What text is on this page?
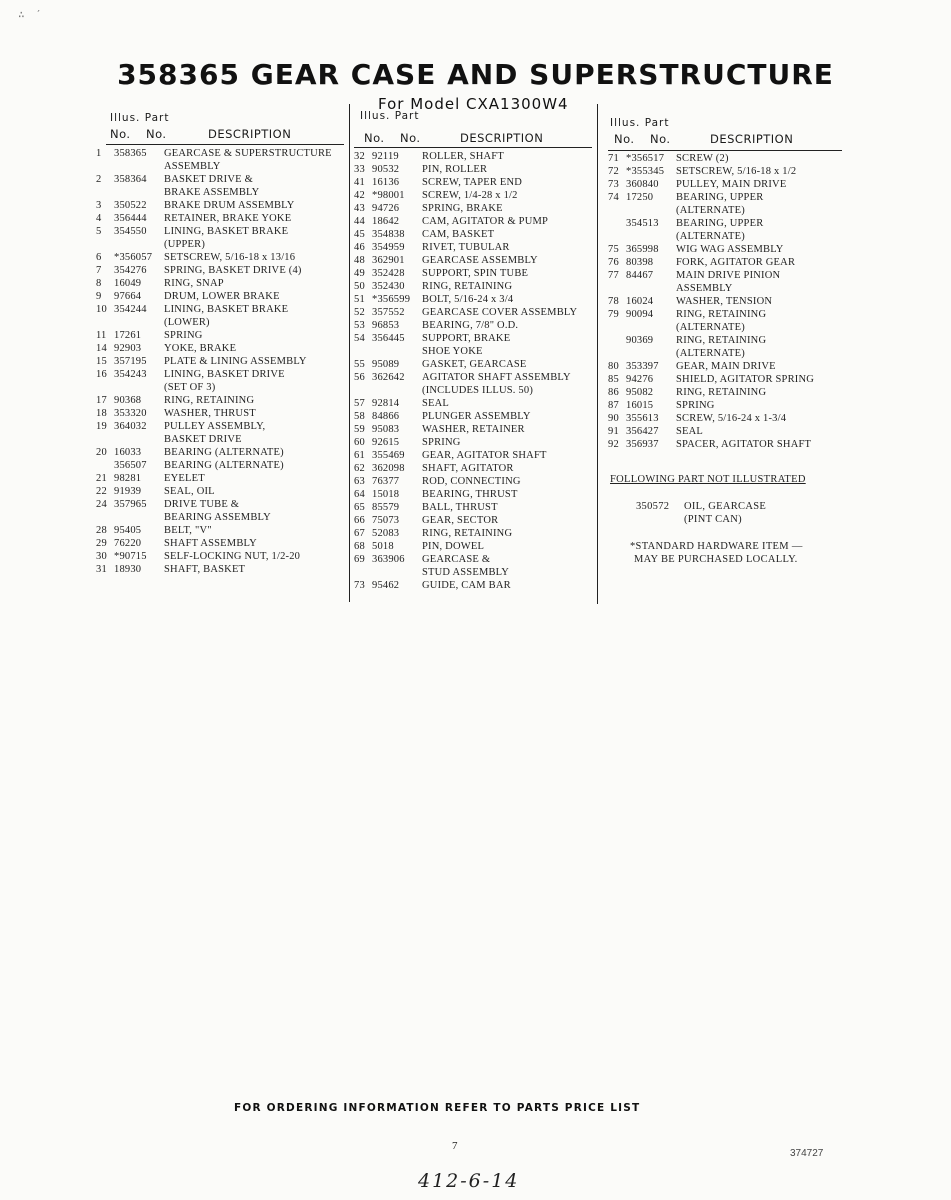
∴ ′
358365 GEAR CASE AND SUPERSTRUCTURE
For Model CXA1300W4
Illus. Part
No. No.	DESCRIPTION
1	358365	GEARCASE & SUPERSTRUCTURE
ASSEMBLY
2	358364	BASKET DRIVE &
BRAKE ASSEMBLY
3	350522	BRAKE DRUM ASSEMBLY
4	356444	RETAINER, BRAKE YOKE
5	354550	LINING, BASKET BRAKE
(UPPER)
6	*356057	SETSCREW, 5/16-18 x 13/16
7	354276	SPRING, BASKET DRIVE (4)
8	16049	RING, SNAP
9	97664	DRUM, LOWER BRAKE
10 354244	LINING, BASKET BRAKE
(LOWER)
11 17261	SPRING
14 92903	YOKE, BRAKE
15 357195	PLATE & LINING ASSEMBLY
16 354243	LINING, BASKET DRIVE
(SET OF 3)
17 90368	RING, RETAINING
18 353320	WASHER, THRUST
19 364032	PULLEY ASSEMBLY,
BASKET DRIVE
20 16033	BEARING (ALTERNATE)
356507	BEARING (ALTERNATE)
21 98281	EYELET
22 91939	SEAL, OIL
24 357965	DRIVE TUBE &
BEARING ASSEMBLY
28 95405	BELT, "V"
29 76220	SHAFT ASSEMBLY
30 *90715	SELF-LOCKING NUT, 1/2-20
31 18930	SHAFT, BASKET
Illus. Part
No. No.	DESCRIPTION
32 92119	ROLLER, SHAFT
33 90532	PIN, ROLLER
41 16136	SCREW, TAPER END
42 *98001	SCREW, 1/4-28 x 1/2
43 94726	SPRING, BRAKE
44 18642	CAM, AGITATOR & PUMP
45 354838	CAM, BASKET
46 354959	RIVET, TUBULAR
48 362901	GEARCASE ASSEMBLY
49 352428	SUPPORT, SPIN TUBE
50 352430	RING, RETAINING
51 *356599	BOLT, 5/16-24 x 3/4
52 357552	GEARCASE COVER ASSEMBLY
53 96853	BEARING, 7/8" O.D.
54 356445	SUPPORT, BRAKE
SHOE YOKE
55 95089	GASKET, GEARCASE
56 362642	AGITATOR SHAFT ASSEMBLY
(INCLUDES ILLUS. 50)
57 92814	SEAL
58 84866	PLUNGER ASSEMBLY
59 95083	WASHER, RETAINER
60 92615	SPRING
61 355469	GEAR, AGITATOR SHAFT
62 362098	SHAFT, AGITATOR
63 76377	ROD, CONNECTING
64 15018	BEARING, THRUST
65 85579	BALL, THRUST
66 75073	GEAR, SECTOR
67 52083	RING, RETAINING
68 5018	PIN, DOWEL
69 363906	GEARCASE &
STUD ASSEMBLY
73 95462	GUIDE, CAM BAR
Illus. Part
No. No.	DESCRIPTION
71 *356517	SCREW (2)
72 *355345	SETSCREW, 5/16-18 x 1/2
73 360840	PULLEY, MAIN DRIVE
74 17250	BEARING, UPPER
(ALTERNATE)
354513	BEARING, UPPER
(ALTERNATE)
75 365998	WIG WAG ASSEMBLY
76 80398	FORK, AGITATOR GEAR
77 84467	MAIN DRIVE PINION
ASSEMBLY
78 16024	WASHER, TENSION
79 90094	RING, RETAINING
(ALTERNATE)
90369	RING, RETAINING
(ALTERNATE)
80 353397	GEAR, MAIN DRIVE
85 94276	SHIELD, AGITATOR SPRING
86 95082	RING, RETAINING
87 16015	SPRING
90 355613	SCREW, 5/16-24 x 1-3/4
91 356427	SEAL
92 356937	SPACER, AGITATOR SHAFT
FOLLOWING PART NOT ILLUSTRATED
350572 OIL, GEARCASE
(PINT CAN)
*STANDARD HARDWARE ITEM —
MAY BE PURCHASED LOCALLY.
FOR ORDERING INFORMATION REFER TO PARTS PRICE LIST
7
374727
412-6-14
